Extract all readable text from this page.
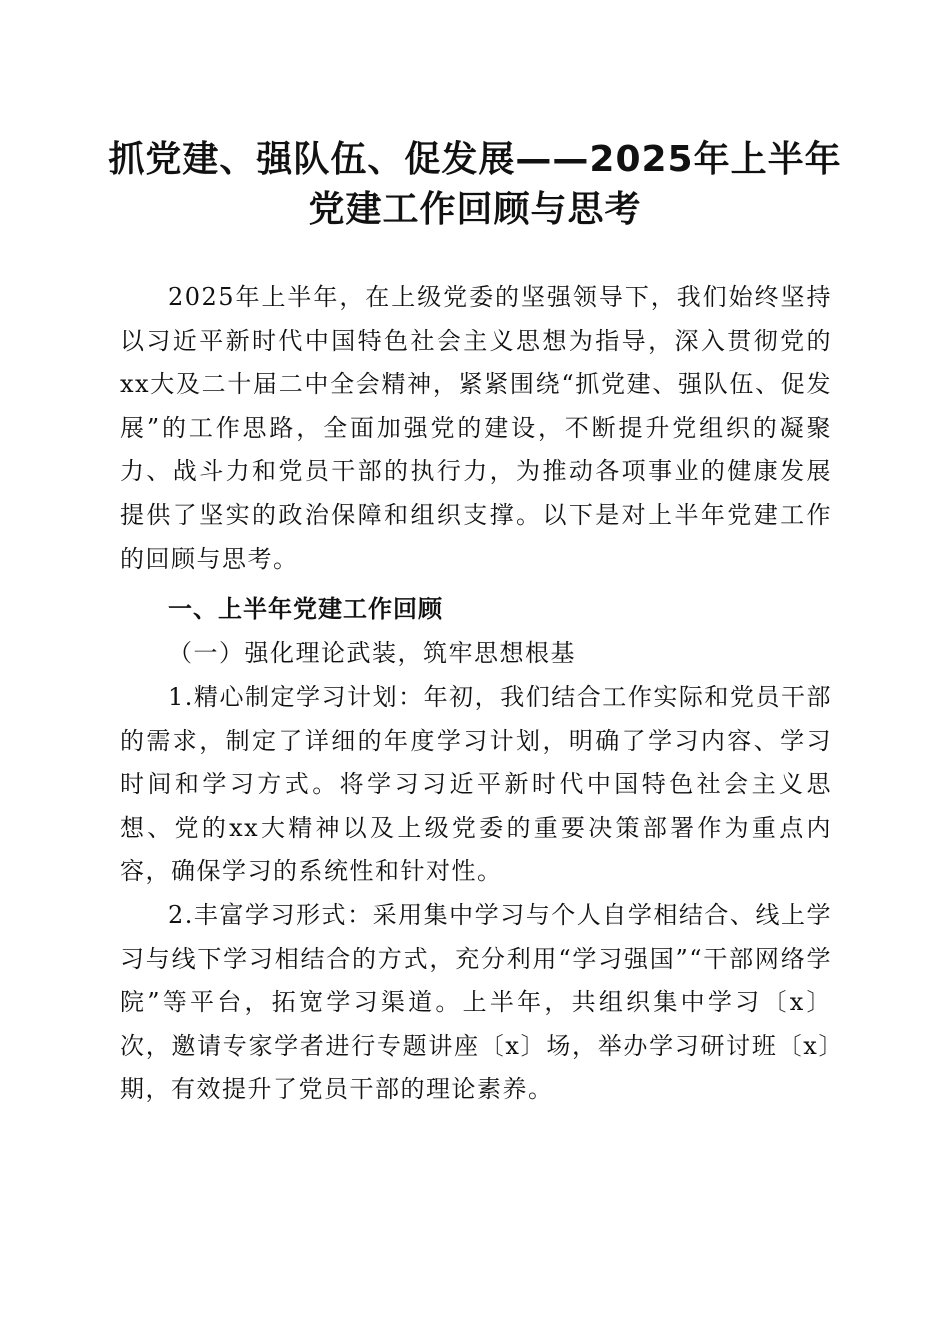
抓党建、强队伍、促发展——2025年上半年
党建工作回顾与思考

2025年上半年，在上级党委的坚强领导下，我们始终坚持以习近平新时代中国特色社会主义思想为指导，深入贯彻党的xx大及二十届二中全会精神，紧紧围绕“抓党建、强队伍、促发展”的工作思路，全面加强党的建设，不断提升党组织的凝聚力、战斗力和党员干部的执行力，为推动各项事业的健康发展提供了坚实的政治保障和组织支撑。以下是对上半年党建工作的回顾与思考。

一、上半年党建工作回顾
（一）强化理论武装，筑牢思想根基

1.精心制定学习计划：年初，我们结合工作实际和党员干部的需求，制定了详细的年度学习计划，明确了学习内容、学习时间和学习方式。将学习习近平新时代中国特色社会主义思想、党的xx大精神以及上级党委的重要决策部署作为重点内容，确保学习的系统性和针对性。

2.丰富学习形式：采用集中学习与个人自学相结合、线上学习与线下学习相结合的方式，充分利用“学习强国”“干部网络学院”等平台，拓宽学习渠道。上半年，共组织集中学习〔x〕次，邀请专家学者进行专题讲座〔x〕场，举办学习研讨班〔x〕期，有效提升了党员干部的理论素养。
